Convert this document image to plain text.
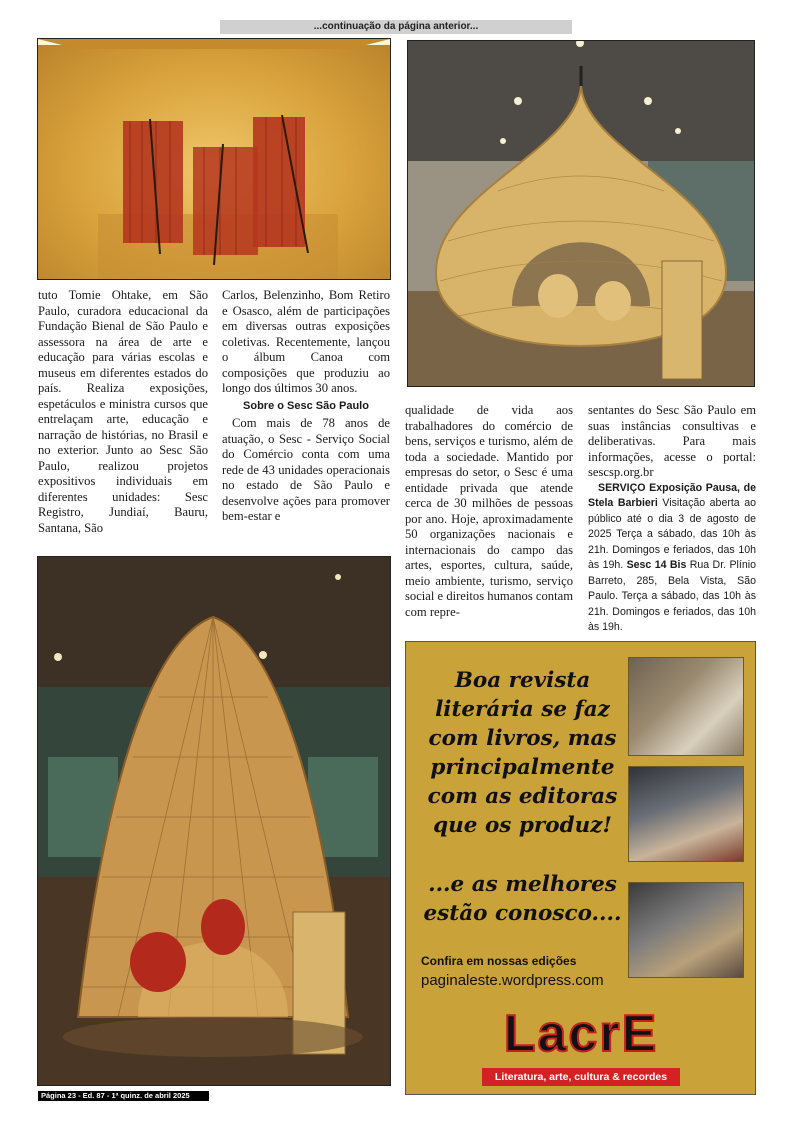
...continuação da página anterior...

tuto Tomie Ohtake, em São Paulo, curadora educacional da Fundação Bienal de São Paulo e assessora na área de arte e educação para várias escolas e museus em diferentes estados do país. Realiza exposições, espetáculos e ministra cursos que entrelaçam arte, educação e narração de histórias, no Brasil e no exterior. Junto ao Sesc São Paulo, realizou projetos expositivos individuais em diferentes unidades: Sesc Registro, Jundiaí, Bauru, Santana, São

Carlos, Belenzinho, Bom Retiro e Osasco, além de participações em diversas outras exposições coletivas. Recentemente, lançou o álbum Canoa com composições que produziu ao longo dos últimos 30 anos.

Sobre o Sesc São Paulo

Com mais de 78 anos de atuação, o Sesc - Serviço Social do Comércio conta com uma rede de 43 unidades operacionais no estado de São Paulo e desenvolve ações para promover bem-estar e

qualidade de vida aos trabalhadores do comércio de bens, serviços e turismo, além de toda a sociedade. Mantido por empresas do setor, o Sesc é uma entidade privada que atende cerca de 30 milhões de pessoas por ano. Hoje, aproximadamente 50 organizações nacionais e internacionais do campo das artes, esportes, cultura, saúde, meio ambiente, turismo, serviço social e direitos humanos contam com repre-

sentantes do Sesc São Paulo em suas instâncias consultivas e deliberativas. Para mais informações, acesse o portal: sescsp.org.br

SERVIÇO Exposição Pausa, de Stela Barbieri Visitação aberta ao público até o dia 3 de agosto de 2025 Terça a sábado, das 10h às 21h. Domingos e feriados, das 10h às 19h. Sesc 14 Bis Rua Dr. Plínio Barreto, 285, Bela Vista, São Paulo. Terça a sábado, das 10h às 21h. Domingos e feriados, das 10h às 19h.

Boa revista literária se faz com livros, mas principalmente com as editoras que os produz!
...e as melhores estão conosco....
Confira em nossas edições
paginaleste.wordpress.com
LacrE
Literatura, arte, cultura & recordes
Página 23 - Ed. 87 - 1ª quinz. de abril 2025
